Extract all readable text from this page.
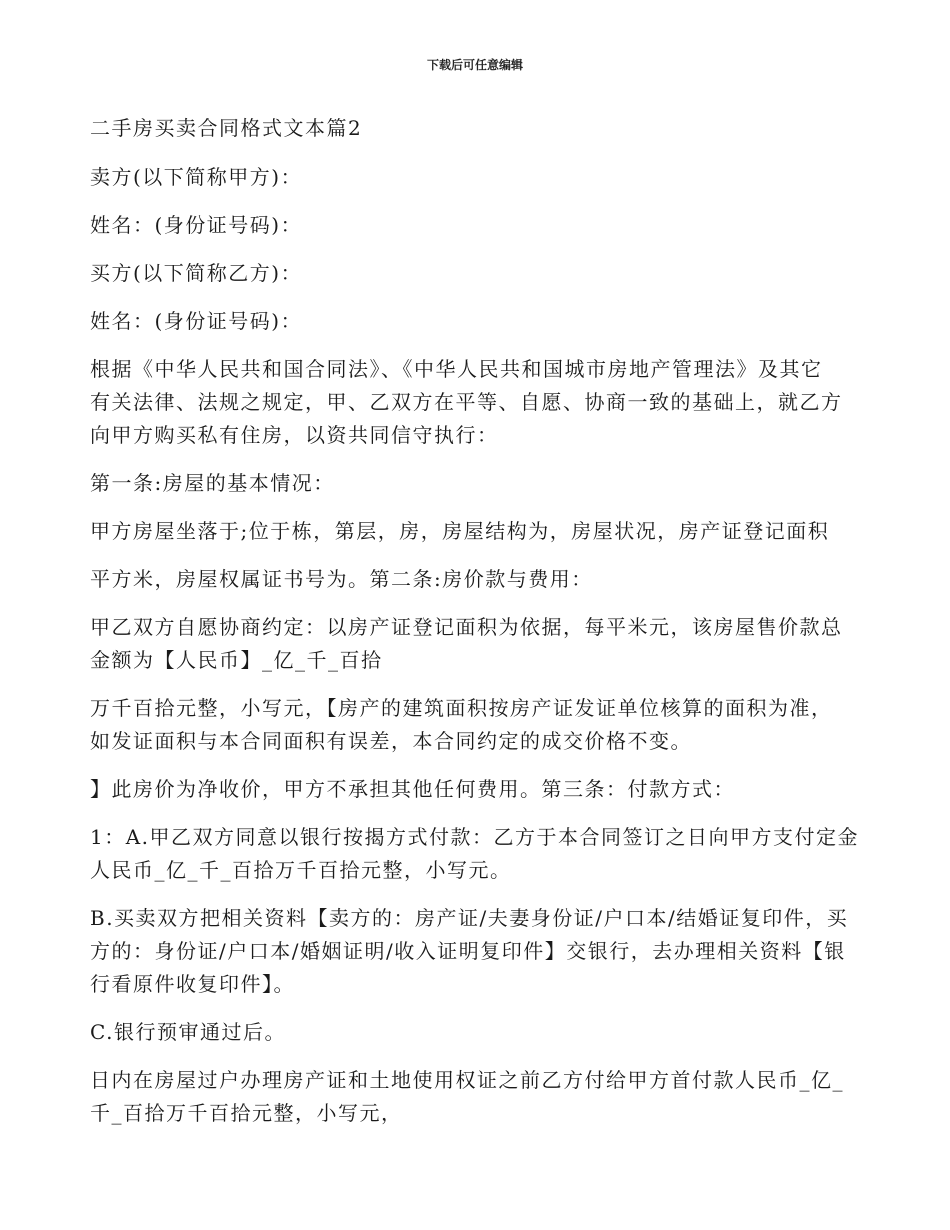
下载后可任意编辑

二手房买卖合同格式文本篇2

卖方(以下简称甲方)：

姓名：(身份证号码)：

买方(以下简称乙方)：

姓名：(身份证号码)：

根据《中华人民共和国合同法》、《中华人民共和国城市房地产管理法》及其它
有关法律、法规之规定，甲、乙双方在平等、自愿、协商一致的基础上，就乙方
向甲方购买私有住房，以资共同信守执行：

第一条:房屋的基本情况：

甲方房屋坐落于;位于栋，第层，房，房屋结构为，房屋状况，房产证登记面积

平方米，房屋权属证书号为。第二条:房价款与费用：

甲乙双方自愿协商约定：以房产证登记面积为依据，每平米元，该房屋售价款总
金额为【人民币】_亿_千_百拾

万千百拾元整，小写元，【房产的建筑面积按房产证发证单位核算的面积为准，
如发证面积与本合同面积有误差，本合同约定的成交价格不变。

】此房价为净收价，甲方不承担其他任何费用。第三条：付款方式：

1：A.甲乙双方同意以银行按揭方式付款：乙方于本合同签订之日向甲方支付定金
人民币_亿_千_百拾万千百拾元整，小写元。

B.买卖双方把相关资料【卖方的：房产证/夫妻身份证/户口本/结婚证复印件，买
方的：身份证/户口本/婚姻证明/收入证明复印件】交银行，去办理相关资料【银
行看原件收复印件】。

C.银行预审通过后。

日内在房屋过户办理房产证和土地使用权证之前乙方付给甲方首付款人民币_亿_
千_百拾万千百拾元整，小写元，
